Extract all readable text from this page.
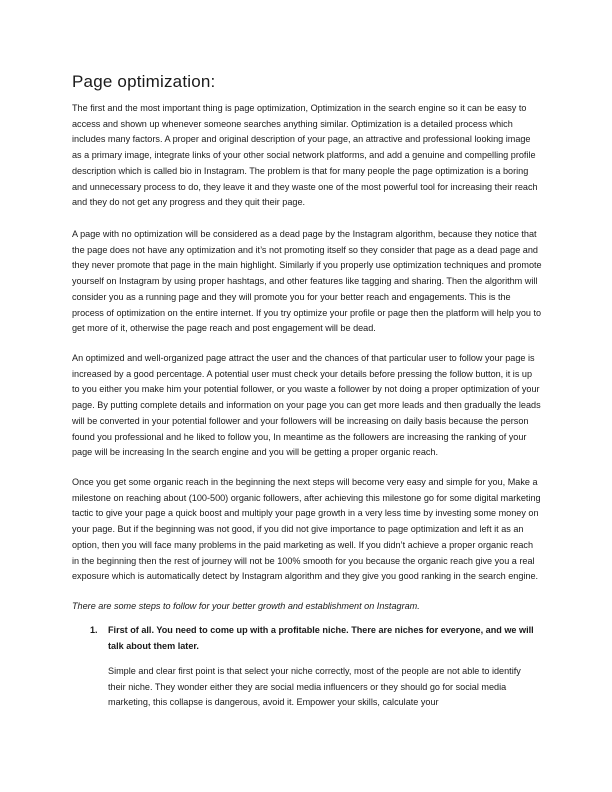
Page optimization:

The first and the most important thing is page optimization, Optimization in the search engine so it can be easy to access and shown up whenever someone searches anything similar. Optimization is a detailed process which includes many factors. A proper and original description of your page, an attractive and professional looking image as a primary image, integrate links of your other social network platforms, and add a genuine and compelling profile description which is called bio in Instagram. The problem is that for many people the page optimization is a boring and unnecessary process to do, they leave it and they waste one of the most powerful tool for increasing their reach and they do not get any progress and they quit their page.

A page with no optimization will be considered as a dead page by the Instagram algorithm, because they notice that the page does not have any optimization and it’s not promoting itself so they consider that page as a dead page and they never promote that page in the main highlight. Similarly if you properly use optimization techniques and promote yourself on Instagram by using proper hashtags, and other features like tagging and sharing. Then the algorithm will consider you as a running page and they will promote you for your better reach and engagements. This is the process of optimization on the entire internet. If you try optimize your profile or page then the platform will help you to get more of it, otherwise the page reach and post engagement will be dead.

An optimized and well-organized page attract the user and the chances of that particular user to follow your page is increased by a good percentage. A potential user must check your details before pressing the follow button, it is up to you either you make him your potential follower, or you waste a follower by not doing a proper optimization of your page. By putting complete details and information on your page you can get more leads and then gradually the leads will be converted in your potential follower and your followers will be increasing on daily basis because the person found you professional and he liked to follow you, In meantime as the followers are increasing the ranking of your page will be increasing In the search engine and you will be getting a proper organic reach.

Once you get some organic reach in the beginning the next steps will become very easy and simple for you, Make a milestone on reaching about (100-500) organic followers, after achieving this milestone go for some digital marketing tactic to give your page a quick boost and multiply your page growth in a very less time by investing some money on your page. But if the beginning was not good, if you did not give importance to page optimization and left it as an option, then you will face many problems in the paid marketing as well. If you didn’t achieve a proper organic reach in the beginning then the rest of journey will not be 100% smooth for you because the organic reach give you a real exposure which is automatically detect by Instagram algorithm and they give you good ranking in the search engine.

There are some steps to follow for your better growth and establishment on Instagram.

1. First of all. You need to come up with a profitable niche. There are niches for everyone, and we will talk about them later.

Simple and clear first point is that select your niche correctly, most of the people are not able to identify their niche. They wonder either they are social media influencers or they should go for social media marketing, this collapse is dangerous, avoid it. Empower your skills, calculate your
